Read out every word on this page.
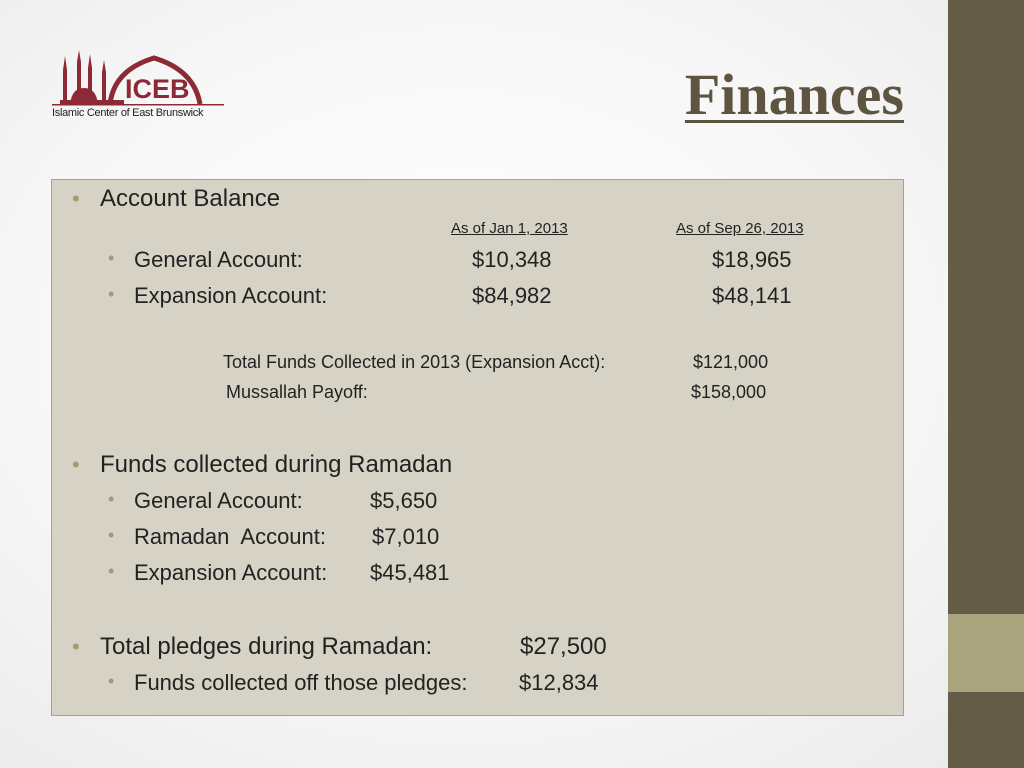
ICEB
Islamic Center of East Brunswick	Finances
• Account Balance
As of Jan 1, 2013	As of Sep 26, 2013
• General Account:	$10,348	$18,965
• Expansion Account:	$84,982	$48,141
Total Funds Collected in 2013 (Expansion Acct):	$121,000
Mussallah Payoff:	$158,000
• Funds collected during Ramadan
• General Account:	$5,650
• Ramadan  Account: $7,010
• Expansion Account: $45,481
• Total pledges during Ramadan:	$27,500
• Funds collected off those pledges: $12,834
